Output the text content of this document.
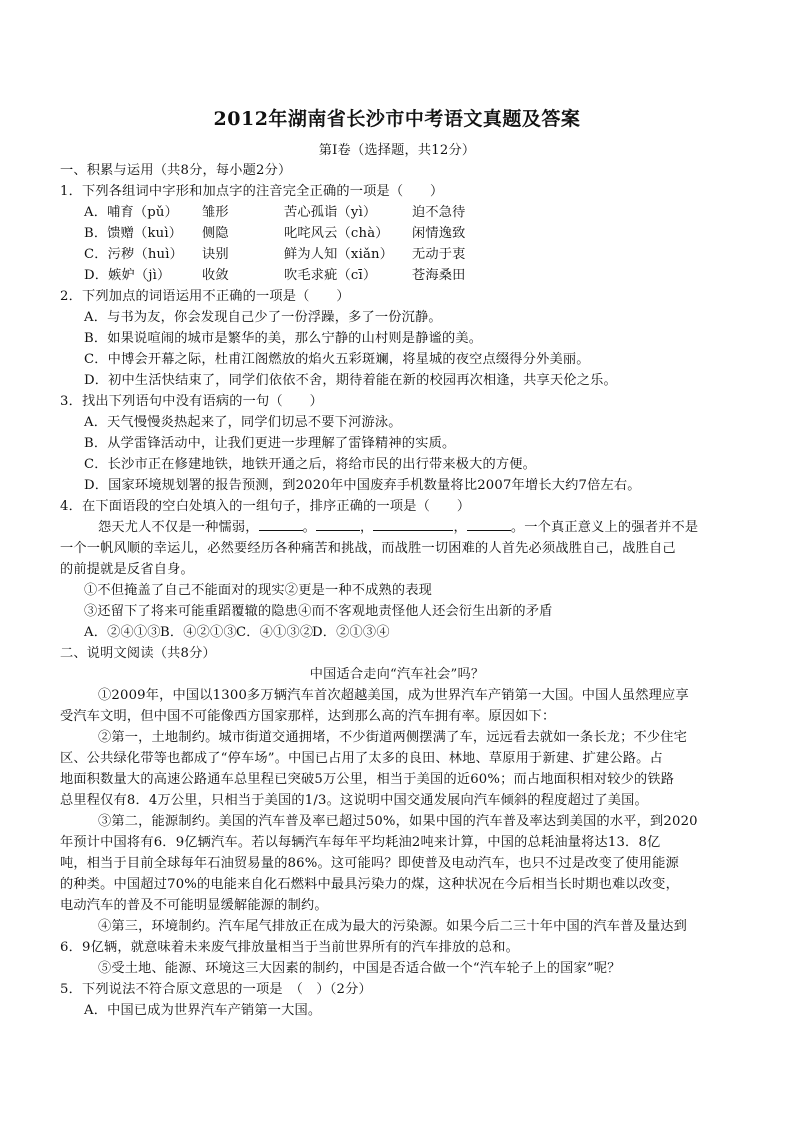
2012年湖南省长沙市中考语文真题及答案
第Ⅰ卷（选择题，共12分）
一、积累与运用（共8分，每小题2分）
1．下列各组词中字形和加点字的注音完全正确的一项是（　　）
A．哺育（pǔ） 雏形	苦心孤诣（yì）	迫不急待
B．馈赠（kuì） 侧隐	叱咤风云（chà） 闲情逸致
C．污秽（huì） 诀别	鲜为人知（xiǎn） 无动于衷
D．嫉妒（jì） 收敛	吹毛求疵（cī）	苍海桑田
2．下列加点的词语运用不正确的一项是（　　）
A．与书为友，你会发现自己少了一份浮躁，多了一份沉静。
B．如果说喧闹的城市是繁华的美，那么宁静的山村则是静谧的美。
C．中博会开幕之际，杜甫江阁燃放的焰火五彩斑斓，将星城的夜空点缀得分外美丽。
D．初中生活快结束了，同学们依依不舍，期待着能在新的校园再次相逢，共享天伦之乐。
3．找出下列语句中没有语病的一句（　　）
A．天气慢慢炎热起来了，同学们切忌不要下河游泳。
B．从学雷锋活动中，让我们更进一步理解了雷锋精神的实质。
C．长沙市正在修建地铁，地铁开通之后，将给市民的出行带来极大的方便。
D．国家环境规划署的报告预测，到2020年中国废弃手机数量将比2007年增长大约7倍左右。
4．在下面语段的空白处填入的一组句子，排序正确的一项是（　　）
怨天尤人不仅是一种懦弱，	。	，	，	。一个真正意义上的强者并不是
一个一帆风顺的幸运儿，必然要经历各种痛苦和挑战，而战胜一切困难的人首先必须战胜自己，战胜自己
的前提就是反省自身。
①不但掩盖了自己不能面对的现实②更是一种不成熟的表现
③还留下了将来可能重蹈覆辙的隐患④而不客观地责怪他人还会衍生出新的矛盾
A．②④①③B．④②①③C．④①③②D．②①③④
二、说明文阅读（共8分）
中国适合走向“汽车社会”吗？
①2009年，中国以1300多万辆汽车首次超越美国，成为世界汽车产销第一大国。中国人虽然理应享
受汽车文明，但中国不可能像西方国家那样，达到那么高的汽车拥有率。原因如下：
②第一，土地制约。城市街道交通拥堵，不少街道两侧摆满了车，远远看去就如一条长龙；不少住宅
区、公共绿化带等也都成了“停车场”。中国已占用了太多的良田、林地、草原用于新建、扩建公路。占
地面积数量大的高速公路通车总里程已突破5万公里，相当于美国的近60%；而占地面积相对较少的铁路
总里程仅有8．4万公里，只相当于美国的1/3。这说明中国交通发展向汽车倾斜的程度超过了美国。
③第二，能源制约。美国的汽车普及率已超过50%，如果中国的汽车普及率达到美国的水平，到2020
年预计中国将有6．9亿辆汽车。若以每辆汽车每年平均耗油2吨来计算，中国的总耗油量将达13．8亿
吨，相当于目前全球每年石油贸易量的86%。这可能吗？即使普及电动汽车，也只不过是改变了使用能源
的种类。中国超过70%的电能来自化石燃料中最具污染力的煤，这种状况在今后相当长时期也难以改变，
电动汽车的普及不可能明显缓解能源的制约。
④第三，环境制约。汽车尾气排放正在成为最大的污染源。如果今后二三十年中国的汽车普及量达到
6．9亿辆，就意味着未来废气排放量相当于当前世界所有的汽车排放的总和。
⑤受土地、能源、环境这三大因素的制约，中国是否适合做一个“汽车轮子上的国家”呢？
5．下列说法不符合原文意思的一项是　（　）（2分）
A．中国已成为世界汽车产销第一大国。
